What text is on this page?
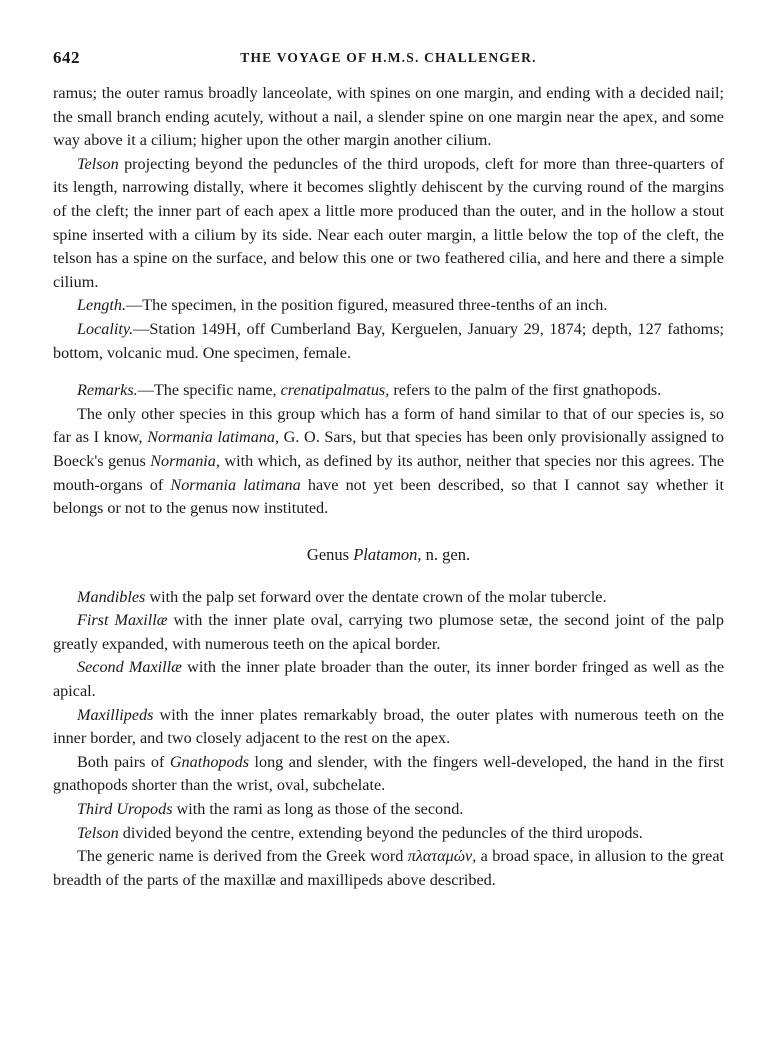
642	THE VOYAGE OF H.M.S. CHALLENGER.

ramus; the outer ramus broadly lanceolate, with spines on one margin, and ending with a decided nail; the small branch ending acutely, without a nail, a slender spine on one margin near the apex, and some way above it a cilium; higher upon the other margin another cilium.

Telson projecting beyond the peduncles of the third uropods, cleft for more than three-quarters of its length, narrowing distally, where it becomes slightly dehiscent by the curving round of the margins of the cleft; the inner part of each apex a little more produced than the outer, and in the hollow a stout spine inserted with a cilium by its side. Near each outer margin, a little below the top of the cleft, the telson has a spine on the surface, and below this one or two feathered cilia, and here and there a simple cilium.

Length.—The specimen, in the position figured, measured three-tenths of an inch.

Locality.—Station 149H, off Cumberland Bay, Kerguelen, January 29, 1874; depth, 127 fathoms; bottom, volcanic mud. One specimen, female.

Remarks.—The specific name, crenatipalmatus, refers to the palm of the first gnathopods.

The only other species in this group which has a form of hand similar to that of our species is, so far as I know, Normania latimana, G. O. Sars, but that species has been only provisionally assigned to Boeck's genus Normania, with which, as defined by its author, neither that species nor this agrees. The mouth-organs of Normania latimana have not yet been described, so that I cannot say whether it belongs or not to the genus now instituted.

Genus Platamon, n. gen.

Mandibles with the palp set forward over the dentate crown of the molar tubercle.

First Maxillæ with the inner plate oval, carrying two plumose setæ, the second joint of the palp greatly expanded, with numerous teeth on the apical border.

Second Maxillæ with the inner plate broader than the outer, its inner border fringed as well as the apical.

Maxillipeds with the inner plates remarkably broad, the outer plates with numerous teeth on the inner border, and two closely adjacent to the rest on the apex.

Both pairs of Gnathopods long and slender, with the fingers well-developed, the hand in the first gnathopods shorter than the wrist, oval, subchelate.

Third Uropods with the rami as long as those of the second.

Telson divided beyond the centre, extending beyond the peduncles of the third uropods.

The generic name is derived from the Greek word πλαταμών, a broad space, in allusion to the great breadth of the parts of the maxillæ and maxillipeds above described.
